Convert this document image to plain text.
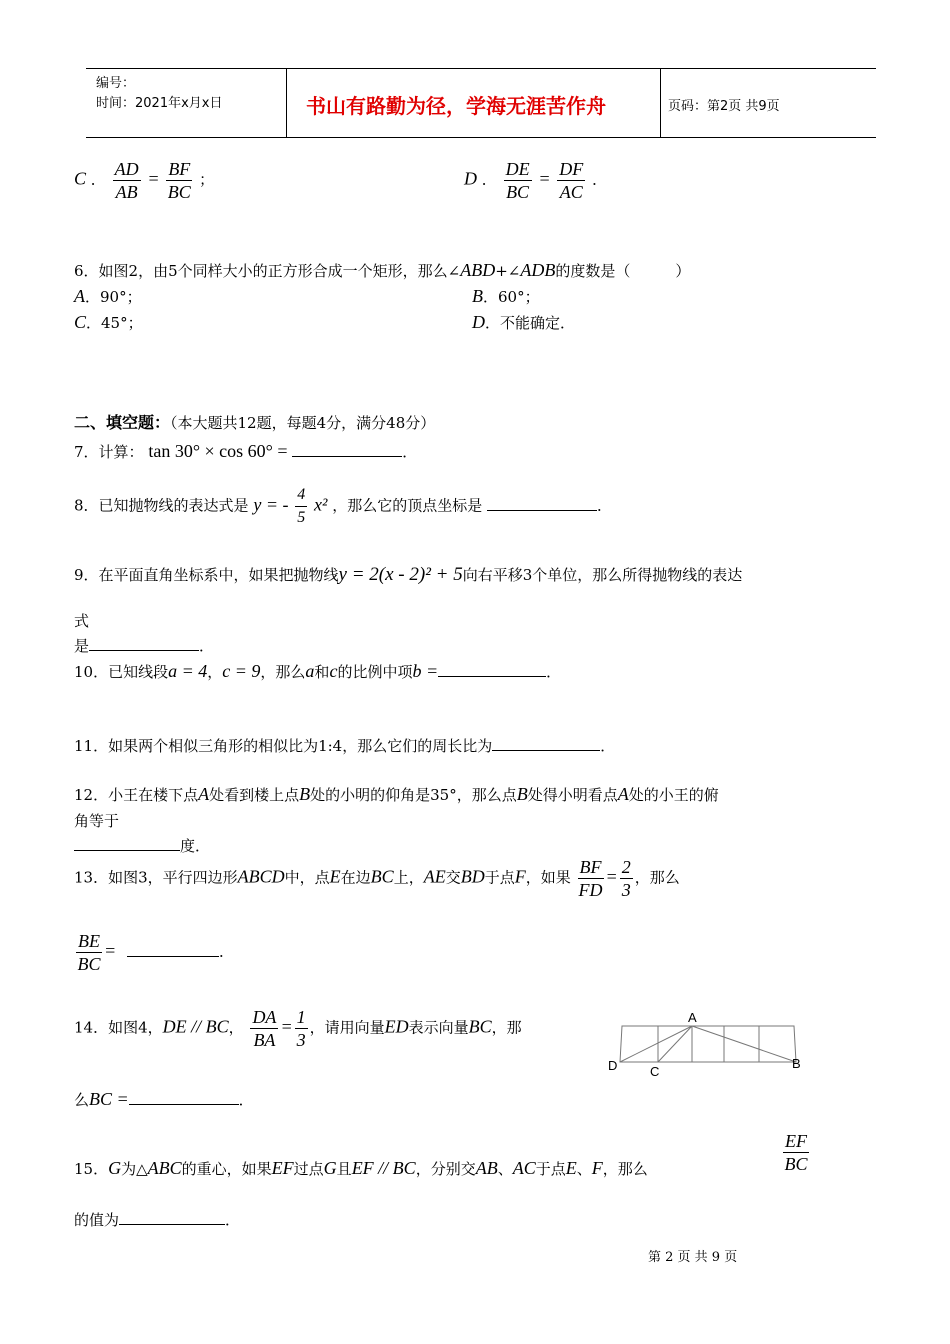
编号：
时间：2021年x月x日	书山有路勤为径，学海无涯苦作舟	页码：第2页 共9页
C ． $\frac{AD}{AB} = \frac{BF}{BC}$ ；	D ． $\frac{DE}{BC} = \frac{DF}{AC}$ ．
6．如图2，由5个同样大小的正方形合成一个矩形，那么∠ABD+∠ADB的度数是（　　　）
A．90°；	B．60°；
C．45°；	D．不能确定．
二、填空题：（本大题共12题，每题4分，满分48分）
7．计算： tan 30° × cos 60° =	．
8．已知抛物线的表达式是 y = - $\frac{4}{5} x^2$ ，那么它的顶点坐标是	．
9．在平面直角坐标系中，如果把抛物线y = 2(x - 2)² + 5向右平移3个单位，那么所得抛物线的表达
式
是	．
10．已知线段a = 4，c = 9，那么a和c的比例中项b =	．
11．如果两个相似三角形的相似比为1:4，那么它们的周长比为	．
12．小王在楼下点A处看到楼上点B处的小明的仰角是35°，那么点B处得小明看点A处的小王的俯
角等于
度．
13．如图3，平行四边形ABCD中，点E在边BC上，AE交BD于点F，如果 $\frac{BF}{FD} = \frac{2}{3}$ ，那么
$\frac{BE}{BC}$ =	．
14．如图4，DE // BC， $\frac{DA}{BA} = \frac{1}{3}$ ，请用向量ED表示向量BC，那
么BC =	．
A
B
C
D
15．G为△ABC的重心，如果EF过点G且EF // BC，分别交AB、AC于点E、F，那么	$\frac{EF}{BC}$
的值为	．
第 2 页 共 9 页
